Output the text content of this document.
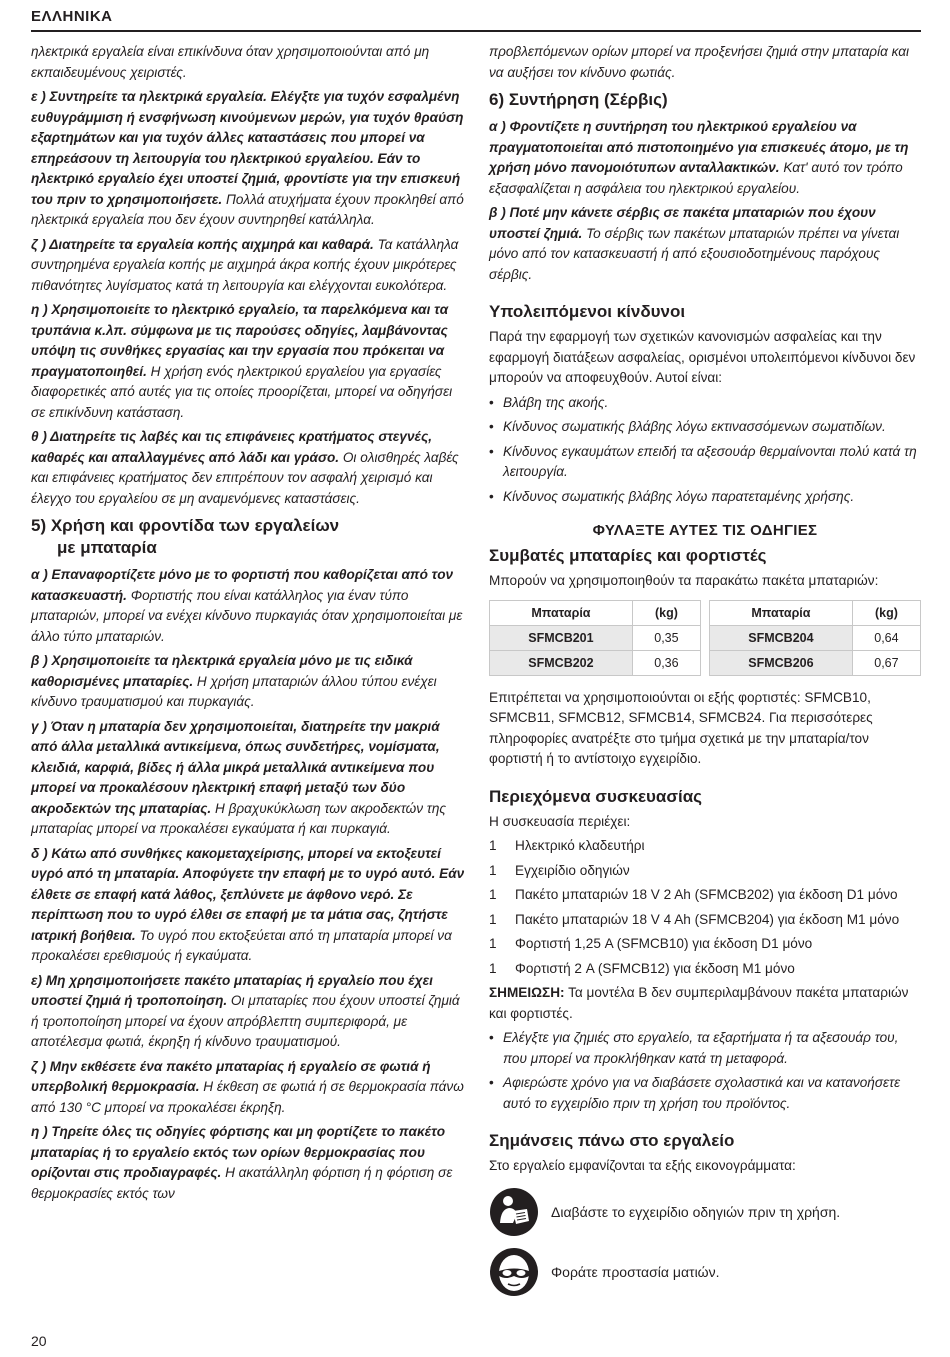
ΕΛΛΗΝΙΚΑ

ηλεκτρικά εργαλεία είναι επικίνδυνα όταν χρησιμοποιούνται από μη εκπαιδευμένους χειριστές.

ε ) Συντηρείτε τα ηλεκτρικά εργαλεία. Ελέγξτε για τυχόν εσφαλμένη ευθυγράμμιση ή ενσφήνωση κινούμενων μερών, για τυχόν θραύση εξαρτημάτων και για τυχόν άλλες καταστάσεις που μπορεί να επηρεάσουν τη λειτουργία του ηλεκτρικού εργαλείου. Εάν το ηλεκτρικό εργαλείο έχει υποστεί ζημιά, φροντίστε για την επισκευή του πριν το χρησιμοποιήσετε. Πολλά ατυχήματα έχουν προκληθεί από ηλεκτρικά εργαλεία που δεν έχουν συντηρηθεί κατάλληλα.

ζ ) Διατηρείτε τα εργαλεία κοπής αιχμηρά και καθαρά. Τα κατάλληλα συντηρημένα εργαλεία κοπής με αιχμηρά άκρα κοπής έχουν μικρότερες πιθανότητες λυγίσματος κατά τη λειτουργία και ελέγχονται ευκολότερα.

η ) Χρησιμοποιείτε το ηλεκτρικό εργαλείο, τα παρελκόμενα και τα τρυπάνια κ.λπ. σύμφωνα με τις παρούσες οδηγίες, λαμβάνοντας υπόψη τις συνθήκες εργασίας και την εργασία που πρόκειται να πραγματοποιηθεί. Η χρήση ενός ηλεκτρικού εργαλείου για εργασίες διαφορετικές από αυτές για τις οποίες προορίζεται, μπορεί να οδηγήσει σε επικίνδυνη κατάσταση.

θ ) Διατηρείτε τις λαβές και τις επιφάνειες κρατήματος στεγνές, καθαρές και απαλλαγμένες από λάδι και γράσο. Οι ολισθηρές λαβές και επιφάνειες κρατήματος δεν επιτρέπουν τον ασφαλή χειρισμό και έλεγχο του εργαλείου σε μη αναμενόμενες καταστάσεις.

5) Χρήση και φροντίδα των εργαλείων
με μπαταρία

α ) Επαναφορτίζετε μόνο με το φορτιστή που καθορίζεται από τον κατασκευαστή. Φορτιστής που είναι κατάλληλος για έναν τύπο μπαταριών, μπορεί να ενέχει κίνδυνο πυρκαγιάς όταν χρησιμοποιείται με άλλο τύπο μπαταριών.

β ) Χρησιμοποιείτε τα ηλεκτρικά εργαλεία μόνο με τις ειδικά καθορισμένες μπαταρίες. Η χρήση μπαταριών άλλου τύπου ενέχει κίνδυνο τραυματισμού και πυρκαγιάς.

γ ) Όταν η μπαταρία δεν χρησιμοποιείται, διατηρείτε την μακριά από άλλα μεταλλικά αντικείμενα, όπως συνδετήρες, νομίσματα, κλειδιά, καρφιά, βίδες ή άλλα μικρά μεταλλικά αντικείμενα που μπορεί να προκαλέσουν ηλεκτρική επαφή μεταξύ των δύο ακροδεκτών της μπαταρίας. Η βραχυκύκλωση των ακροδεκτών της μπαταρίας μπορεί να προκαλέσει εγκαύματα ή και πυρκαγιά.

δ ) Κάτω από συνθήκες κακομεταχείρισης, μπορεί να εκτοξευτεί υγρό από τη μπαταρία. Αποφύγετε την επαφή με το υγρό αυτό. Εάν έλθετε σε επαφή κατά λάθος, ξεπλύνετε με άφθονο νερό. Σε περίπτωση που το υγρό έλθει σε επαφή με τα μάτια σας, ζητήστε ιατρική βοήθεια. Το υγρό που εκτοξεύεται από τη μπαταρία μπορεί να προκαλέσει ερεθισμούς ή εγκαύματα.

ε) Μη χρησιμοποιήσετε πακέτο μπαταρίας ή εργαλείο που έχει υποστεί ζημιά ή τροποποίηση. Οι μπαταρίες που έχουν υποστεί ζημιά ή τροποποίηση μπορεί να έχουν απρόβλεπτη συμπεριφορά, με αποτέλεσμα φωτιά, έκρηξη ή κίνδυνο τραυματισμού.

ζ ) Μην εκθέσετε ένα πακέτο μπαταρίας ή εργαλείο σε φωτιά ή υπερβολική θερμοκρασία. Η έκθεση σε φωτιά ή σε θερμοκρασία πάνω από 130 °C μπορεί να προκαλέσει έκρηξη.

η ) Τηρείτε όλες τις οδηγίες φόρτισης και μη φορτίζετε το πακέτο μπαταρίας ή το εργαλείο εκτός των ορίων θερμοκρασίας που ορίζονται στις προδιαγραφές. Η ακατάλληλη φόρτιση ή η φόρτιση σε θερμοκρασίες εκτός των

προβλεπόμενων ορίων μπορεί να προξενήσει ζημιά στην μπαταρία και να αυξήσει τον κίνδυνο φωτιάς.

6) Συντήρηση (Σέρβις)

α ) Φροντίζετε η συντήρηση του ηλεκτρικού εργαλείου να πραγματοποιείται από πιστοποιημένο για επισκευές άτομο, με τη χρήση μόνο πανομοιότυπων ανταλλακτικών. Κατ' αυτό τον τρόπο εξασφαλίζεται η ασφάλεια του ηλεκτρικού εργαλείου.

β ) Ποτέ μην κάνετε σέρβις σε πακέτα μπαταριών που έχουν υποστεί ζημιά. Το σέρβις των πακέτων μπαταριών πρέπει να γίνεται μόνο από τον κατασκευαστή ή από εξουσιοδοτημένους παρόχους σέρβις.

Υπολειπόμενοι κίνδυνοι

Παρά την εφαρμογή των σχετικών κανονισμών ασφαλείας και την εφαρμογή διατάξεων ασφαλείας, ορισμένοι υπολειπόμενοι κίνδυνοι δεν μπορούν να αποφευχθούν. Αυτοί είναι:

• Βλάβη της ακοής.
• Κίνδυνος σωματικής βλάβης λόγω εκτινασσόμενων σωματιδίων.
• Κίνδυνος εγκαυμάτων επειδή τα αξεσουάρ θερμαίνονται πολύ κατά τη λειτουργία.
• Κίνδυνος σωματικής βλάβης λόγω παρατεταμένης χρήσης.
ΦΥΛΑΞΤΕ ΑΥΤΕΣ ΤΙΣ ΟΔΗΓΙΕΣ
Συμβατές μπαταρίες και φορτιστές

Μπορούν να χρησιμοποιηθούν τα παρακάτω πακέτα μπαταριών:

Μπαταρία	(kg)		Μπαταρία	(kg)
SFMCB201	0,35		SFMCB204	0,64
SFMCB202	0,36		SFMCB206	0,67

Επιτρέπεται να χρησιμοποιούνται οι εξής φορτιστές: SFMCB10, SFMCB11, SFMCB12, SFMCB14, SFMCB24. Για περισσότερες πληροφορίες ανατρέξτε στο τμήμα σχετικά με την μπαταρία/τον φορτιστή ή το αντίστοιχο εγχειρίδιο.

Περιεχόμενα συσκευασίας

Η συσκευασία περιέχει:

1	Ηλεκτρικό κλαδευτήρι
1	Εγχειρίδιο οδηγιών
1	Πακέτο μπαταριών 18 V 2 Ah (SFMCB202) για έκδοση D1 μόνο
1	Πακέτο μπαταριών 18 V 4 Ah (SFMCB204) για έκδοση M1 μόνο
1	Φορτιστή 1,25 A (SFMCB10) για έκδοση D1 μόνο
1	Φορτιστή 2 A (SFMCB12) για έκδοση M1 μόνο

ΣΗΜΕΙΩΣΗ: Τα μοντέλα B δεν συμπεριλαμβάνουν πακέτα μπαταριών και φορτιστές.

• Ελέγξτε για ζημιές στο εργαλείο, τα εξαρτήματα ή τα αξεσουάρ του, που μπορεί να προκλήθηκαν κατά τη μεταφορά.
• Αφιερώστε χρόνο για να διαβάσετε σχολαστικά και να κατανοήσετε αυτό το εγχειρίδιο πριν τη χρήση του προϊόντος.
Σημάνσεις πάνω στο εργαλείο

Στο εργαλείο εμφανίζονται τα εξής εικονογράμματα:

Διαβάστε το εγχειρίδιο οδηγιών πριν τη χρήση.
Φοράτε προστασία ματιών.
20
